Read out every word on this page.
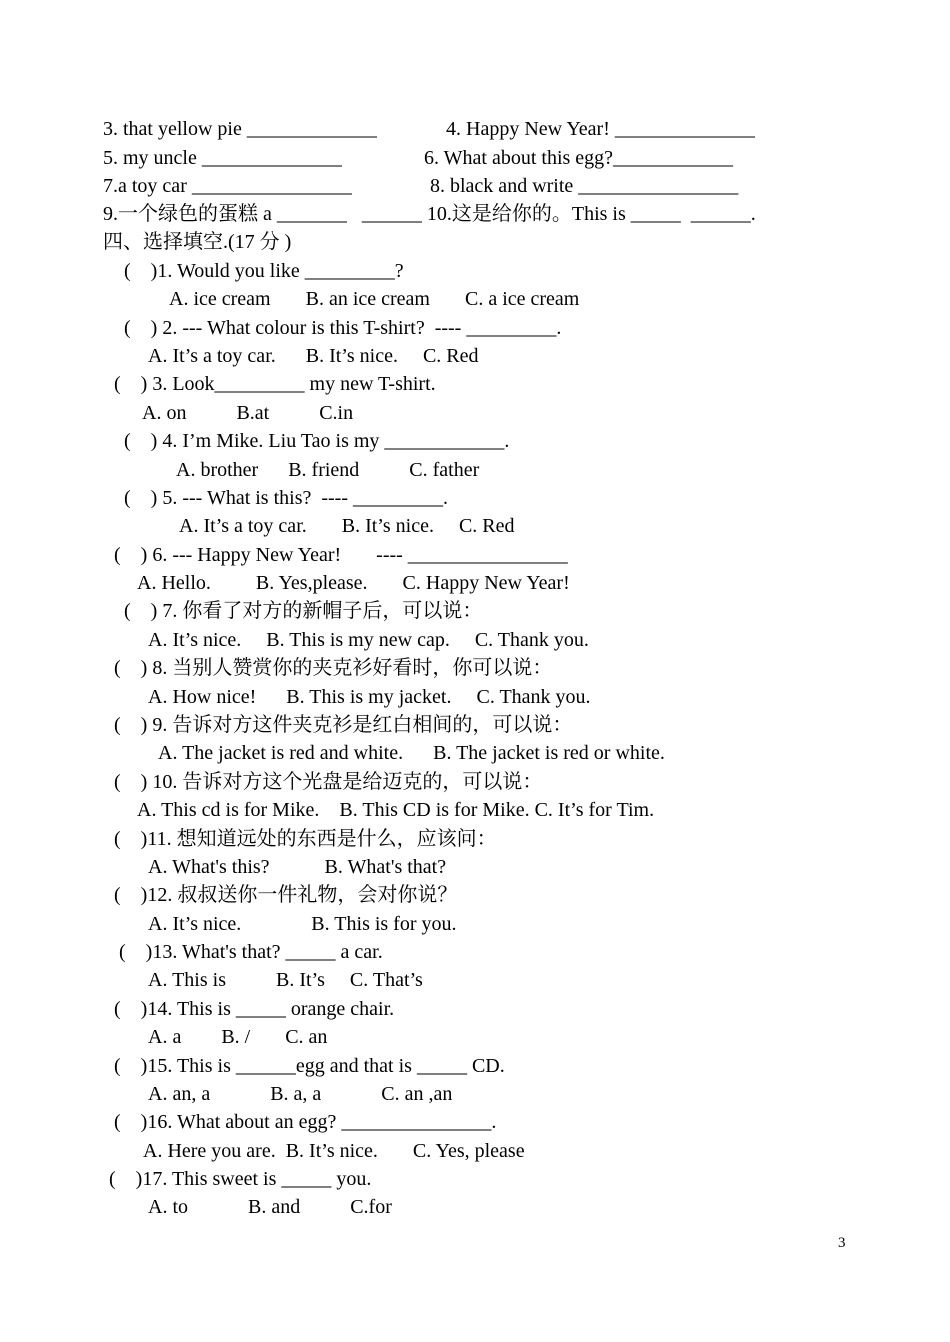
3. that yellow pie _____________	4. Happy New Year! ______________
5. my uncle ______________	6. What about this egg?____________
7.a toy car ________________	8. black and write ________________
9.一个绿色的蛋糕 a _______   ______ 10.这是给你的。This is _____  ______.
四、选择填空.(17 分 )
(    )1. Would you like _________?
A. ice cream       B. an ice cream       C. a ice cream
(    ) 2. --- What colour is this T-shirt?  ---- _________.
A. It’s a toy car.      B. It’s nice.     C. Red
(    ) 3. Look_________ my new T-shirt.
A. on          B.at          C.in
(    ) 4. I’m Mike. Liu Tao is my ____________.
A. brother      B. friend          C. father
(    ) 5. --- What is this?  ---- _________.
A. It’s a toy car.       B. It’s nice.     C. Red
(    ) 6. --- Happy New Year!       ---- ________________
A. Hello.         B. Yes,please.       C. Happy New Year!
(    ) 7. 你看了对方的新帽子后，可以说：
A. It’s nice.     B. This is my new cap.     C. Thank you.
(    ) 8. 当别人赞赏你的夹克衫好看时，你可以说：
A. How nice!      B. This is my jacket.     C. Thank you.
(    ) 9. 告诉对方这件夹克衫是红白相间的，可以说：
A. The jacket is red and white.      B. The jacket is red or white.
(    ) 10. 告诉对方这个光盘是给迈克的，可以说：
A. This cd is for Mike.    B. This CD is for Mike. C. It’s for Tim.
(    )11. 想知道远处的东西是什么，应该问：
A. What's this?           B. What's that?
(    )12. 叔叔送你一件礼物，会对你说？
A. It’s nice.              B. This is for you.
(    )13. What's that? _____ a car.
A. This is          B. It’s     C. That’s
(    )14. This is _____ orange chair.
A. a        B. /       C. an
(    )15. This is ______egg and that is _____ CD.
A. an, a            B. a, a            C. an ,an
(    )16. What about an egg? _______________.
A. Here you are.  B. It’s nice.       C. Yes, please
(    )17. This sweet is _____ you.
A. to            B. and          C.for
3
